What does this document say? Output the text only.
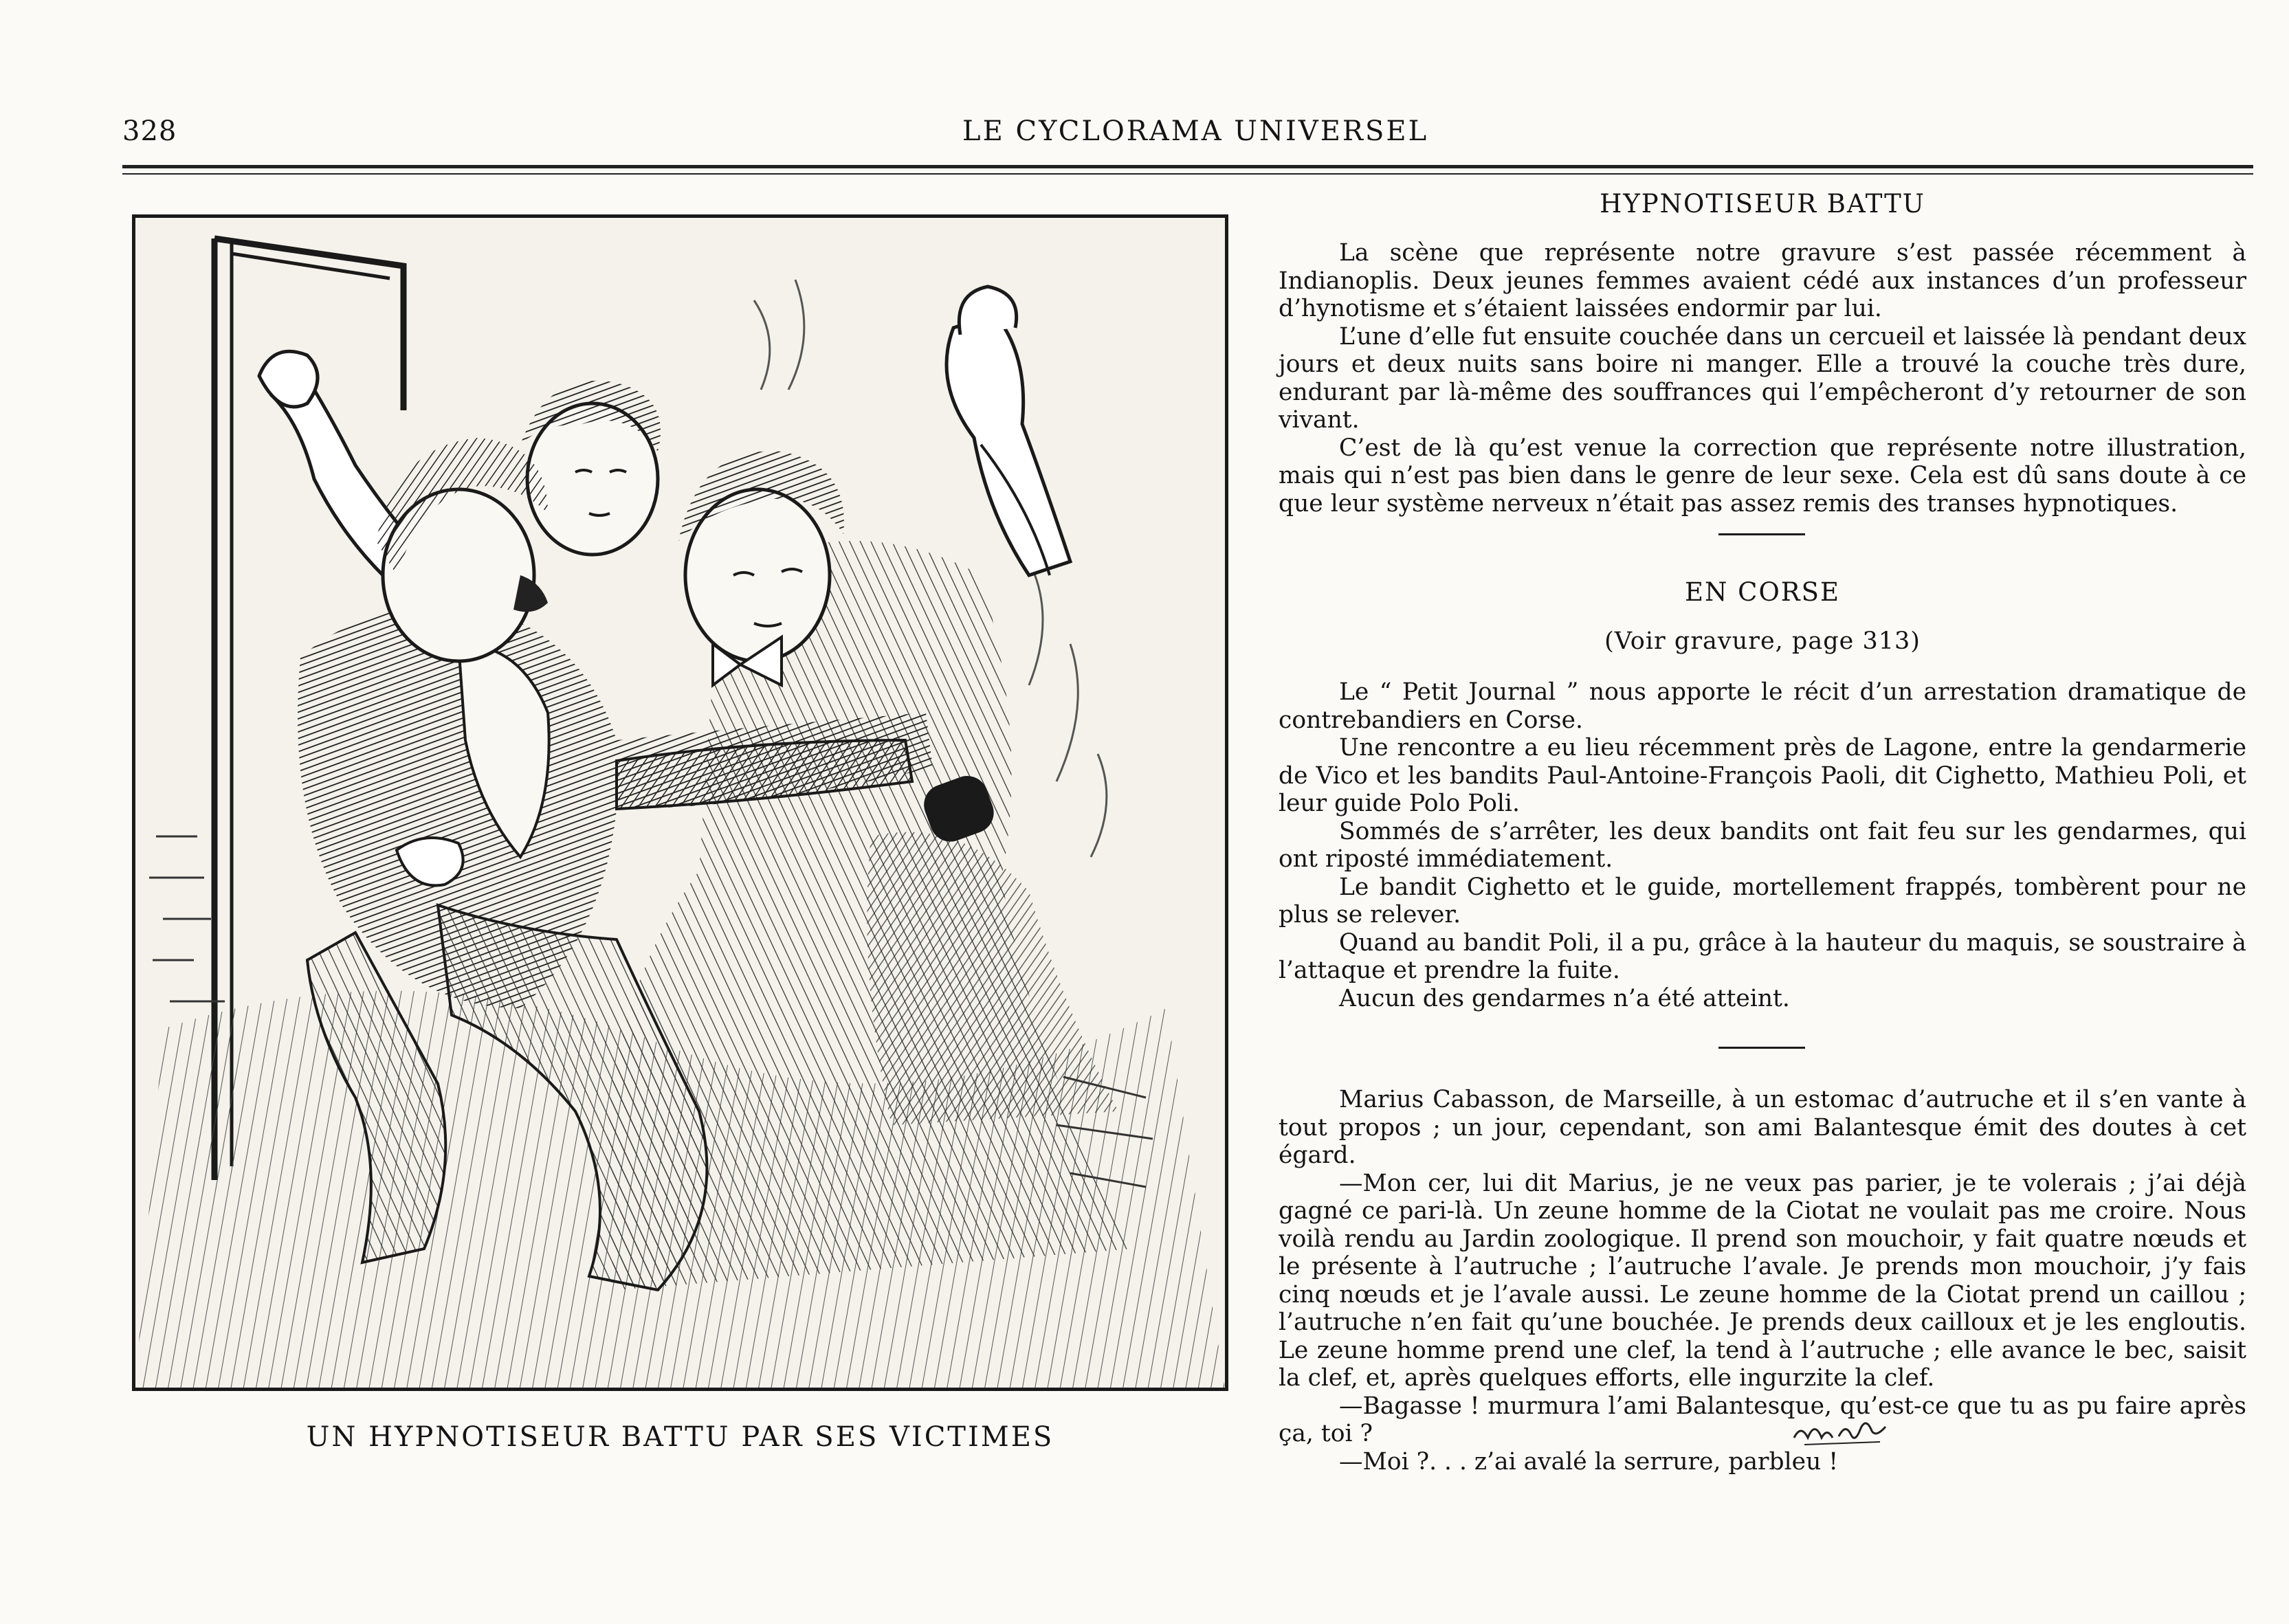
328	LE CYCLORAMA UNIVERSEL
UN HYPNOTISEUR BATTU PAR SES VICTIMES
HYPNOTISEUR BATTU

La scène que représente notre gravure s’est passée récemment à Indianoplis. Deux jeunes femmes avaient cédé aux instances d’un professeur d’hynotisme et s’étaient laissées endormir par lui.

L’une d’elle fut ensuite couchée dans un cercueil et laissée là pendant deux jours et deux nuits sans boire ni manger. Elle a trouvé la couche très dure, endurant par là-même des souffrances qui l’empêcheront d’y retourner de son vivant.

C’est de là qu’est venue la correction que représente notre illustration, mais qui n’est pas bien dans le genre de leur sexe. Cela est dû sans doute à ce que leur système nerveux n’était pas assez remis des transes hypnotiques.

EN CORSE
(Voir gravure, page 313)

Le “ Petit Journal ” nous apporte le récit d’un arrestation dramatique de contrebandiers en Corse.

Une rencontre a eu lieu récemment près de Lagone, entre la gendarmerie de Vico et les bandits Paul-Antoine-François Paoli, dit Cighetto, Mathieu Poli, et leur guide Polo Poli.

Sommés de s’arrêter, les deux bandits ont fait feu sur les gendarmes, qui ont riposté immédiatement.

Le bandit Cighetto et le guide, mortellement frappés, tombèrent pour ne plus se relever.

Quand au bandit Poli, il a pu, grâce à la hauteur du maquis, se soustraire à l’attaque et prendre la fuite.

Aucun des gendarmes n’a été atteint.

Marius Cabasson, de Marseille, à un estomac d’autruche et il s’en vante à tout propos ; un jour, cependant, son ami Balantesque émit des doutes à cet égard.

—Mon cer, lui dit Marius, je ne veux pas parier, je te volerais ; j’ai déjà gagné ce pari-là. Un zeune homme de la Ciotat ne voulait pas me croire. Nous voilà rendu au Jardin zoologique. Il prend son mouchoir, y fait quatre nœuds et le présente à l’autruche ; l’autruche l’avale. Je prends mon mouchoir, j’y fais cinq nœuds et je l’avale aussi. Le zeune homme de la Ciotat prend un caillou ; l’autruche n’en fait qu’une bouchée. Je prends deux cailloux et je les engloutis. Le zeune homme prend une clef, la tend à l’autruche ; elle avance le bec, saisit la clef, et, après quelques efforts, elle ingurzite la clef.

—Bagasse ! murmura l’ami Balantesque, qu’est-ce que tu as pu faire après ça, toi ?

—Moi ?. . . z’ai avalé la serrure, parbleu !
